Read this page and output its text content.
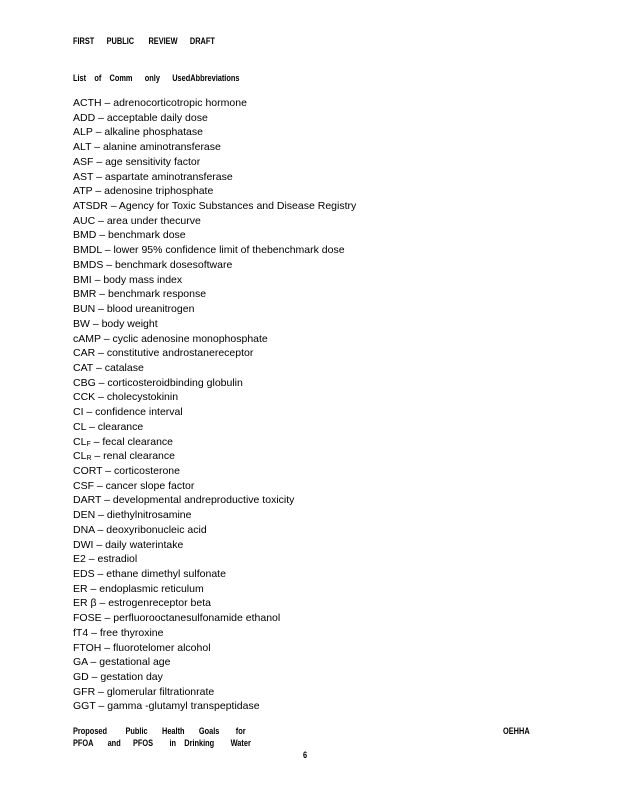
FIRST      PUBLIC       REVIEW      DRAFT
List    of    Comm      only      UsedAbbreviations
ACTH – adrenocorticotropic hormone
ADD – acceptable daily dose
ALP – alkaline phosphatase
ALT – alanine aminotransferase
ASF – age sensitivity factor
AST – aspartate aminotransferase
ATP – adenosine triphosphate
ATSDR – Agency for Toxic Substances and Disease Registry
AUC – area under thecurve
BMD – benchmark dose
BMDL – lower 95% confidence limit of thebenchmark dose
BMDS – benchmark dosesoftware
BMI – body mass index
BMR – benchmark response
BUN – blood ureanitrogen
BW – body weight
cAMP – cyclic adenosine monophosphate
CAR – constitutive androstanereceptor
CAT – catalase
CBG – corticosteroidbinding globulin
CCK – cholecystokinin
CI – confidence interval
CL – clearance
CLF – fecal clearance
CLR – renal clearance
CORT – corticosterone
CSF – cancer slope factor
DART – developmental andreproductive toxicity
DEN – diethylnitrosamine
DNA – deoxyribonucleic acid
DWI – daily waterintake
E2 – estradiol
EDS – ethane dimethyl sulfonate
ER – endoplasmic reticulum
ER β – estrogenreceptor beta
FOSE – perfluorooctanesulfonamide ethanol
fT4 – free thyroxine
FTOH – fluorotelomer alcohol
GA – gestational age
GD – gestation day
GFR – glomerular filtrationrate
GGT – gamma -glutamyl transpeptidase
Proposed         Public       Health       Goals        for
PFOA       and      PFOS        in    Drinking        Water
OEHHA
6
